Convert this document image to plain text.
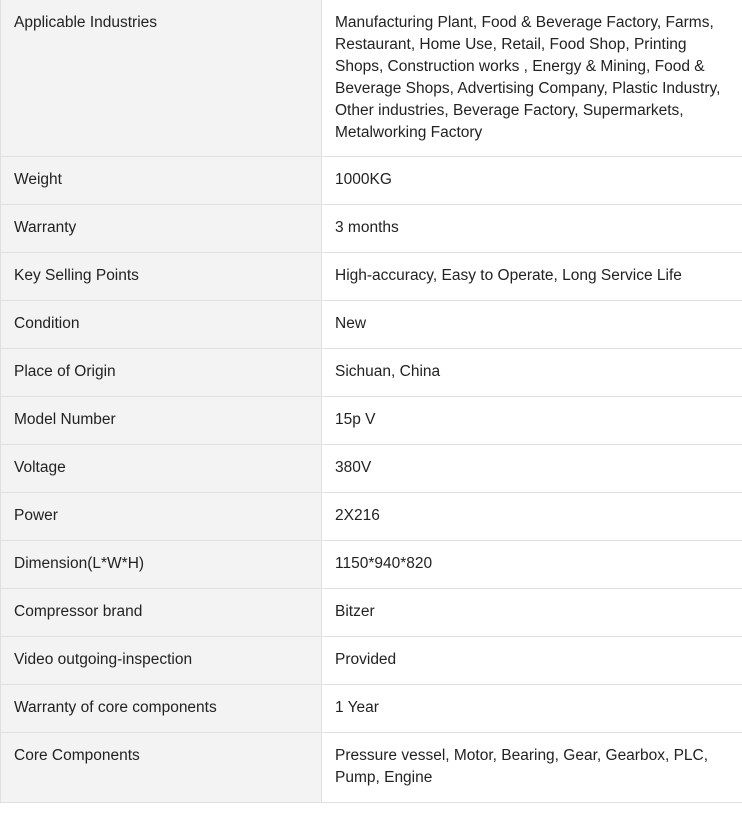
Applicable Industries	Manufacturing Plant, Food & Beverage Factory, Farms, Restaurant, Home Use, Retail, Food Shop, Printing Shops, Construction works , Energy & Mining, Food & Beverage Shops, Advertising Company, Plastic Industry, Other industries, Beverage Factory, Supermarkets, Metalworking Factory
Weight	1000KG
Warranty	3 months
Key Selling Points	High-accuracy, Easy to Operate, Long Service Life
Condition	New
Place of Origin	Sichuan, China
Model Number	15p V
Voltage	380V
Power	2X216
Dimension(L*W*H)	1150*940*820
Compressor brand	Bitzer
Video outgoing-inspection	Provided
Warranty of core components	1 Year
Core Components	Pressure vessel, Motor, Bearing, Gear, Gearbox, PLC, Pump, Engine
